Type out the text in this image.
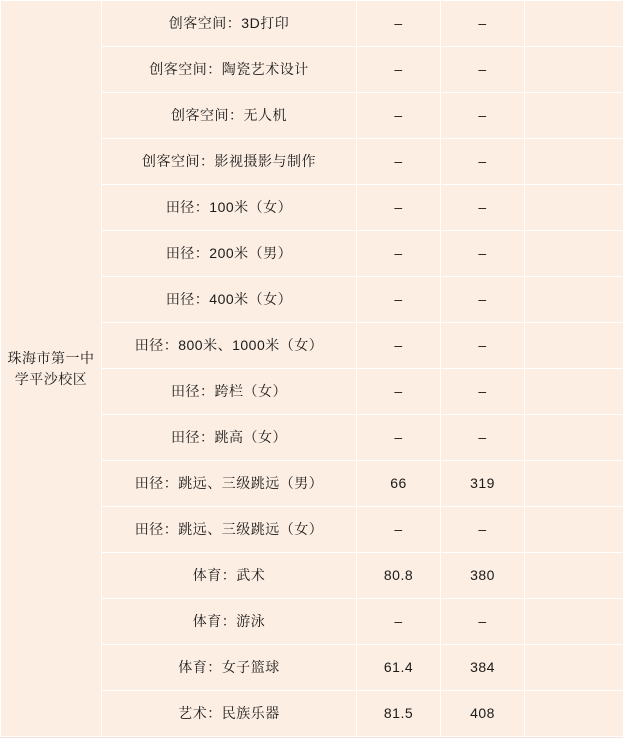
珠海市第一中学平沙校区	创客空间：3D打印	–	–	
	创客空间：陶瓷艺术设计	–	–	
	创客空间：无人机	–	–	
	创客空间：影视摄影与制作	–	–	
	田径：100米（女）	–	–	
	田径：200米（男）	–	–	
	田径：400米（女）	–	–	
	田径：800米、1000米（女）	–	–	
	田径：跨栏（女）	–	–	
	田径：跳高（女）	–	–	
	田径：跳远、三级跳远（男）	66	319	
	田径：跳远、三级跳远（女）	–	–	
	体育：武术	80.8	380	
	体育：游泳	–	–	
	体育：女子篮球	61.4	384	
	艺术：民族乐器	81.5	408	
